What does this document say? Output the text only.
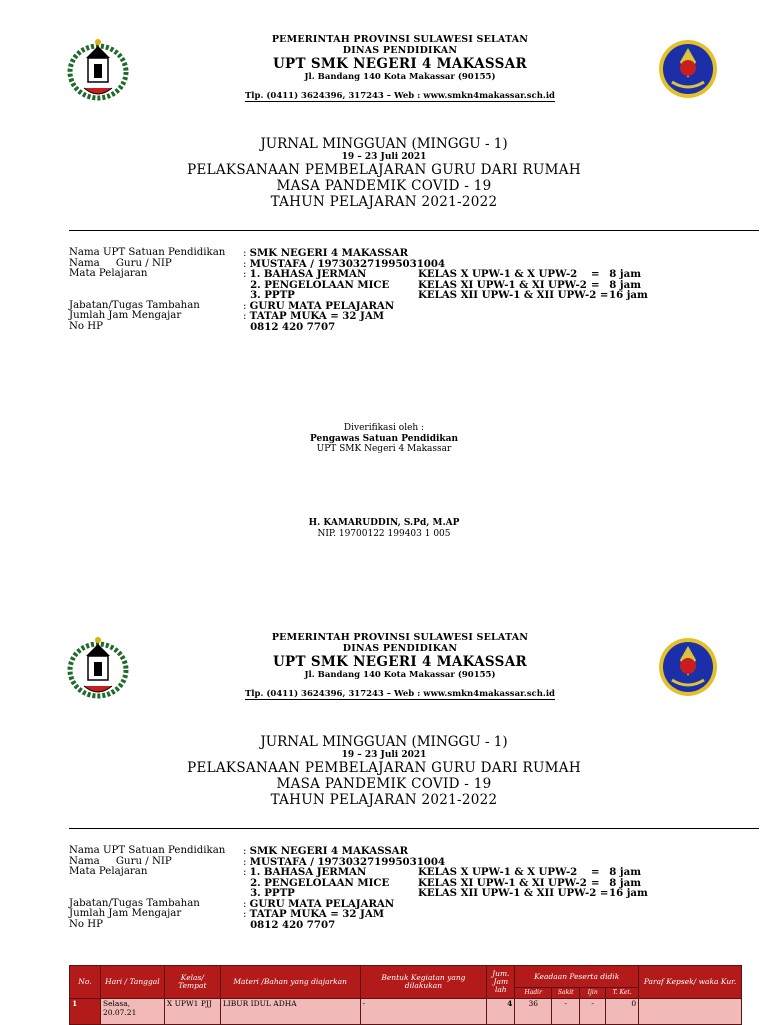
PEMERINTAH PROVINSI SULAWESI SELATAN
DINAS PENDIDIKAN
UPT SMK NEGERI 4 MAKASSAR
Jl. Bandang 140 Kota Makassar (90155)
Tlp. (0411) 3624396, 317243 – Web : www.smkn4makassar.sch.id
JURNAL MINGGUAN (MINGGU - 1)
19 – 23 Juli 2021
PELAKSANAAN PEMBELAJARAN GURU DARI RUMAH
MASA PANDEMIK COVID - 19
TAHUN PELAJARAN 2021-2022
Nama UPT Satuan Pendidikan : SMK NEGERI 4 MAKASSAR
Nama     Guru / NIP	: MUSTAFA / 197303271995031004
Mata Pelajaran	: 1. BAHASA JERMAN	KELAS X UPW-1 & X UPW-2 = 8 jam
2. PENGELOLAAN MICE	KELAS XI UPW-1 & XI UPW-2 = 8 jam
3. PPTP	KELAS XII UPW-1 & XII UPW-2 = 16 jam
Jabatan/Tugas Tambahan	: GURU MATA PELAJARAN
Jumlah Jam Mengajar	: TATAP MUKA = 32 JAM
No HP	0812 420 7707
Diverifikasi oleh :
Pengawas Satuan Pendidikan
UPT SMK Negeri 4 Makassar
H. KAMARUDDIN, S.Pd, M.AP
NIP. 19700122 199403 1 005
PEMERINTAH PROVINSI SULAWESI SELATAN
DINAS PENDIDIKAN
UPT SMK NEGERI 4 MAKASSAR
Jl. Bandang 140 Kota Makassar (90155)
Tlp. (0411) 3624396, 317243 – Web : www.smkn4makassar.sch.id
JURNAL MINGGUAN (MINGGU - 1)
19 – 23 Juli 2021
PELAKSANAAN PEMBELAJARAN GURU DARI RUMAH
MASA PANDEMIK COVID - 19
TAHUN PELAJARAN 2021-2022
Nama UPT Satuan Pendidikan : SMK NEGERI 4 MAKASSAR
Nama     Guru / NIP	: MUSTAFA / 197303271995031004
Mata Pelajaran	: 1. BAHASA JERMAN	KELAS X UPW-1 & X UPW-2 = 8 jam
2. PENGELOLAAN MICE	KELAS XI UPW-1 & XI UPW-2 = 8 jam
3. PPTP	KELAS XII UPW-1 & XII UPW-2 = 16 jam
Jabatan/Tugas Tambahan	: GURU MATA PELAJARAN
Jumlah Jam Mengajar	: TATAP MUKA = 32 JAM
No HP	0812 420 7707
No.	Hari / Tanggal	Kelas/ Tempat	Materi /Bahan yang diajarkan	Bentuk Kegiatan yang dilakukan	Jum. Jam
lah	Keadaan Peserta didik				Paraf Kepsek/ waka Kur.
						Hadir	Sakit	Ijin	T. Ket.	
1	Selasa, 20.07.21	X UPW1 PJJ	LIBUR IDUL ADHA	-	4	36	-	-	0	
